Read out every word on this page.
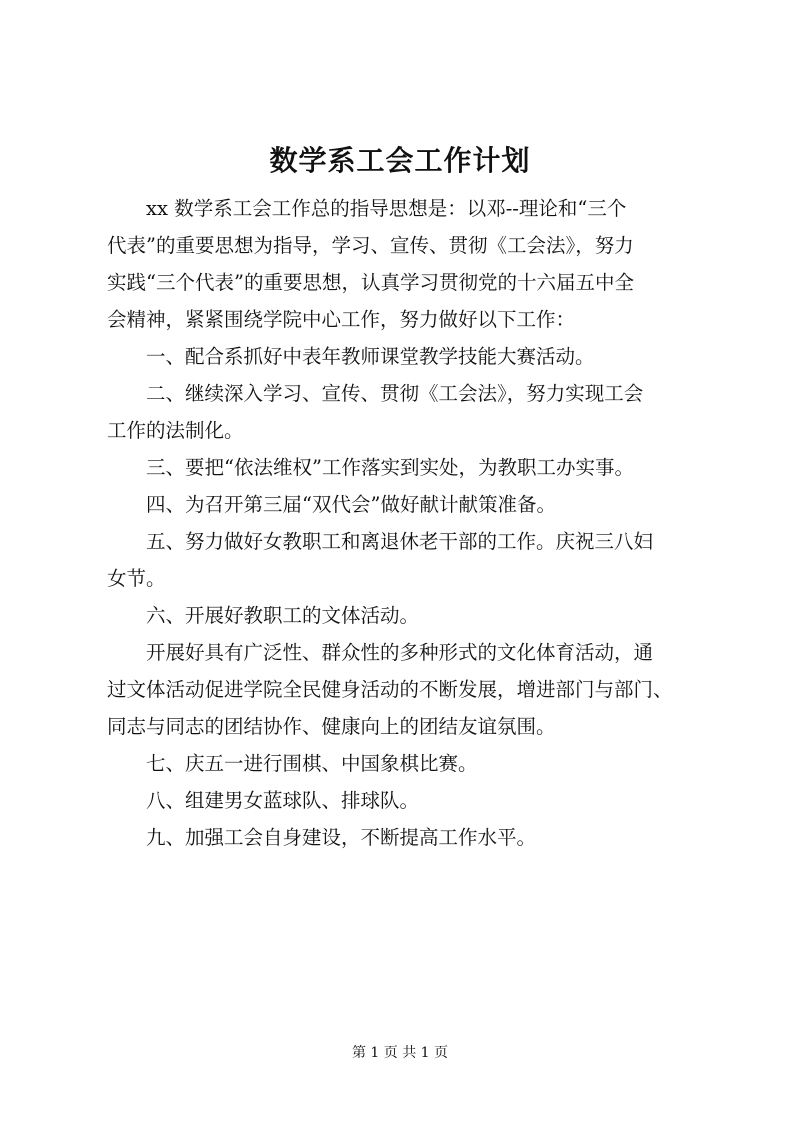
数学系工会工作计划

xx 数学系工会工作总的指导思想是：以邓--理论和“三个
代表”的重要思想为指导，学习、宣传、贯彻《工会法》，努力
实践“三个代表”的重要思想，认真学习贯彻党的十六届五中全
会精神，紧紧围绕学院中心工作，努力做好以下工作：

一、配合系抓好中表年教师课堂教学技能大赛活动。

二、继续深入学习、宣传、贯彻《工会法》，努力实现工会
工作的法制化。

三、要把“依法维权”工作落实到实处，为教职工办实事。

四、为召开第三届“双代会”做好献计献策准备。

五、努力做好女教职工和离退休老干部的工作。庆祝三八妇
女节。

六、开展好教职工的文体活动。

开展好具有广泛性、群众性的多种形式的文化体育活动，通
过文体活动促进学院全民健身活动的不断发展，增进部门与部门、
同志与同志的团结协作、健康向上的团结友谊氛围。

七、庆五一进行围棋、中国象棋比赛。

八、组建男女蓝球队、排球队。

九、加强工会自身建设，不断提高工作水平。

第 1 页 共 1 页
